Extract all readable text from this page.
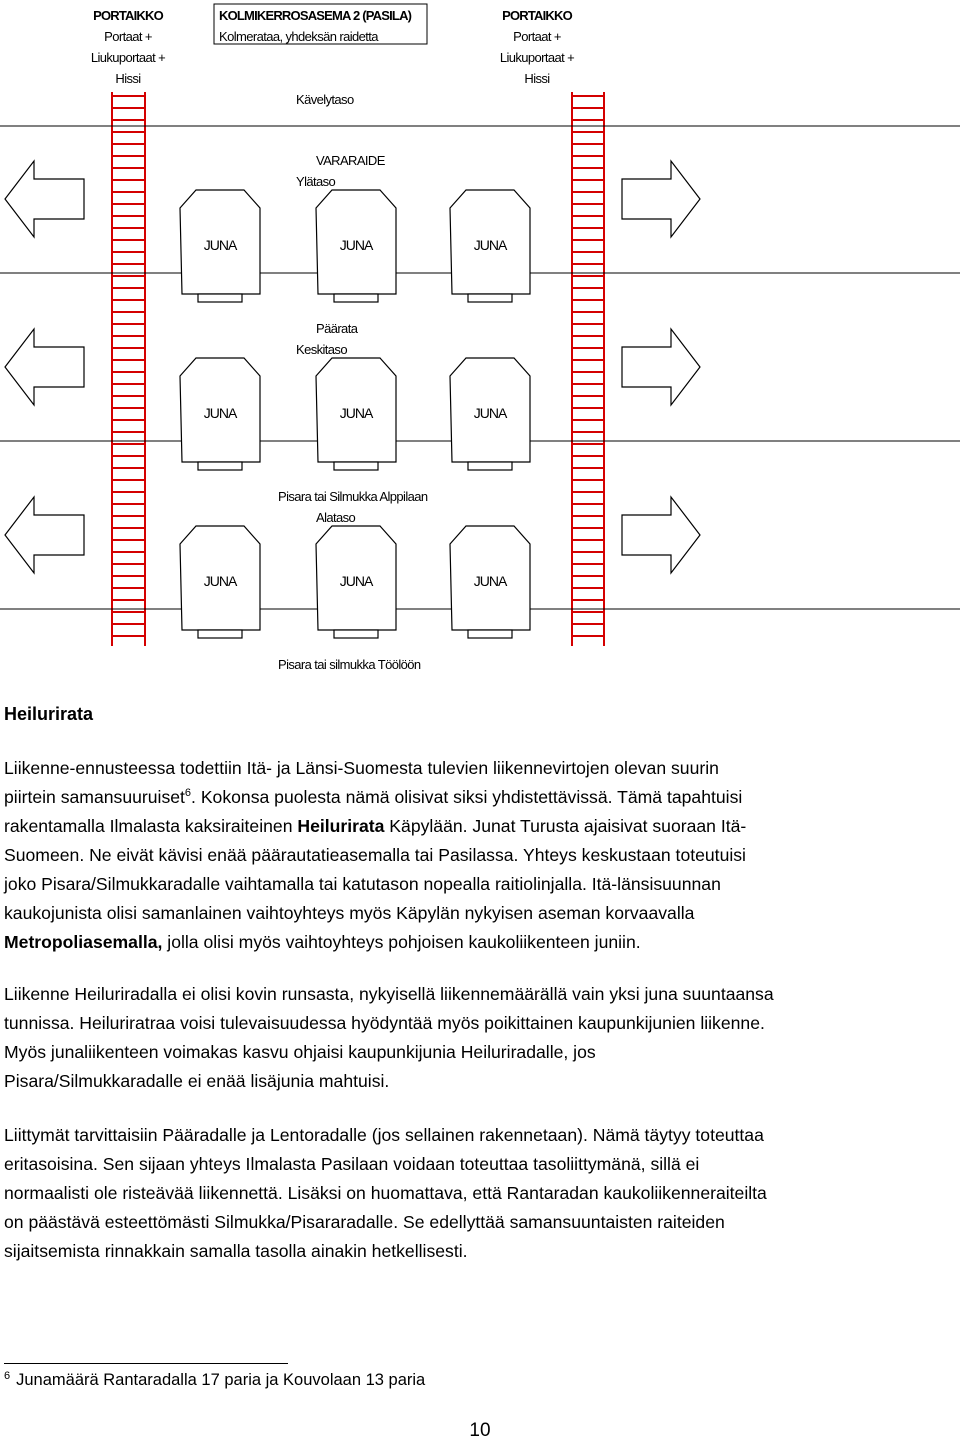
PORTAIKKO
Portaat +
Liukuportaat +
Hissi
KOLMIKERROSASEMA 2 (PASILA)
Kolmerataa, yhdeksän raidetta
PORTAIKKO
Portaat +
Liukuportaat +
Hissi
Kävelytaso
JUNA	JUNA	JUNA
JUNA	JUNA	JUNA
JUNA	JUNA	JUNA
VARARAIDE
Ylätaso
Päärata
Keskitaso
Pisara tai Silmukka Alppilaan
Alataso
Pisara tai silmukka Töölöön
Heilurirata

Liikenne-ennusteessa todettiin Itä- ja Länsi-Suomesta tulevien liikennevirtojen olevan suurin
piirtein samansuuruiset$^6$. Kokonsa puolesta nämä olisivat siksi yhdistettävissä. Tämä tapahtuisi
rakentamalla Ilmalasta kaksiraiteinen Heilurirata Käpylään. Junat Turusta ajaisivat suoraan Itä-
Suomeen. Ne eivät kävisi enää päärautatieasemalla tai Pasilassa. Yhteys keskustaan toteutuisi
joko Pisara/Silmukkaradalle vaihtamalla tai katutason nopealla raitiolinjalla. Itä-länsisuunnan
kaukojunista olisi samanlainen vaihtoyhteys myös Käpylän nykyisen aseman korvaavalla
Metropoliasemalla, jolla olisi myös vaihtoyhteys pohjoisen kaukoliikenteen juniin.

Liikenne Heiluriradalla ei olisi kovin runsasta, nykyisellä liikennemäärällä vain yksi juna suuntaansa
tunnissa. Heiluriratraa voisi tulevaisuudessa hyödyntää myös poikittainen kaupunkijunien liikenne.
Myös junaliikenteen voimakas kasvu ohjaisi kaupunkijunia Heiluriradalle, jos
Pisara/Silmukkaradalle ei enää lisäjunia mahtuisi.

Liittymät tarvittaisiin Pääradalle ja Lentoradalle (jos sellainen rakennetaan). Nämä täytyy toteuttaa
eritasoisina. Sen sijaan yhteys Ilmalasta Pasilaan voidaan toteuttaa tasoliittymänä, sillä ei
normaalisti ole risteävää liikennettä. Lisäksi on huomattava, että Rantaradan kaukoliikenneraiteilta
on päästävä esteettömästi Silmukka/Pisararadalle. Se edellyttää samansuuntaisten raiteiden
sijaitsemista rinnakkain samalla tasolla ainakin hetkellisesti.

$^6$ Junamäärä Rantaradalla 17 paria ja Kouvolaan 13 paria
10
